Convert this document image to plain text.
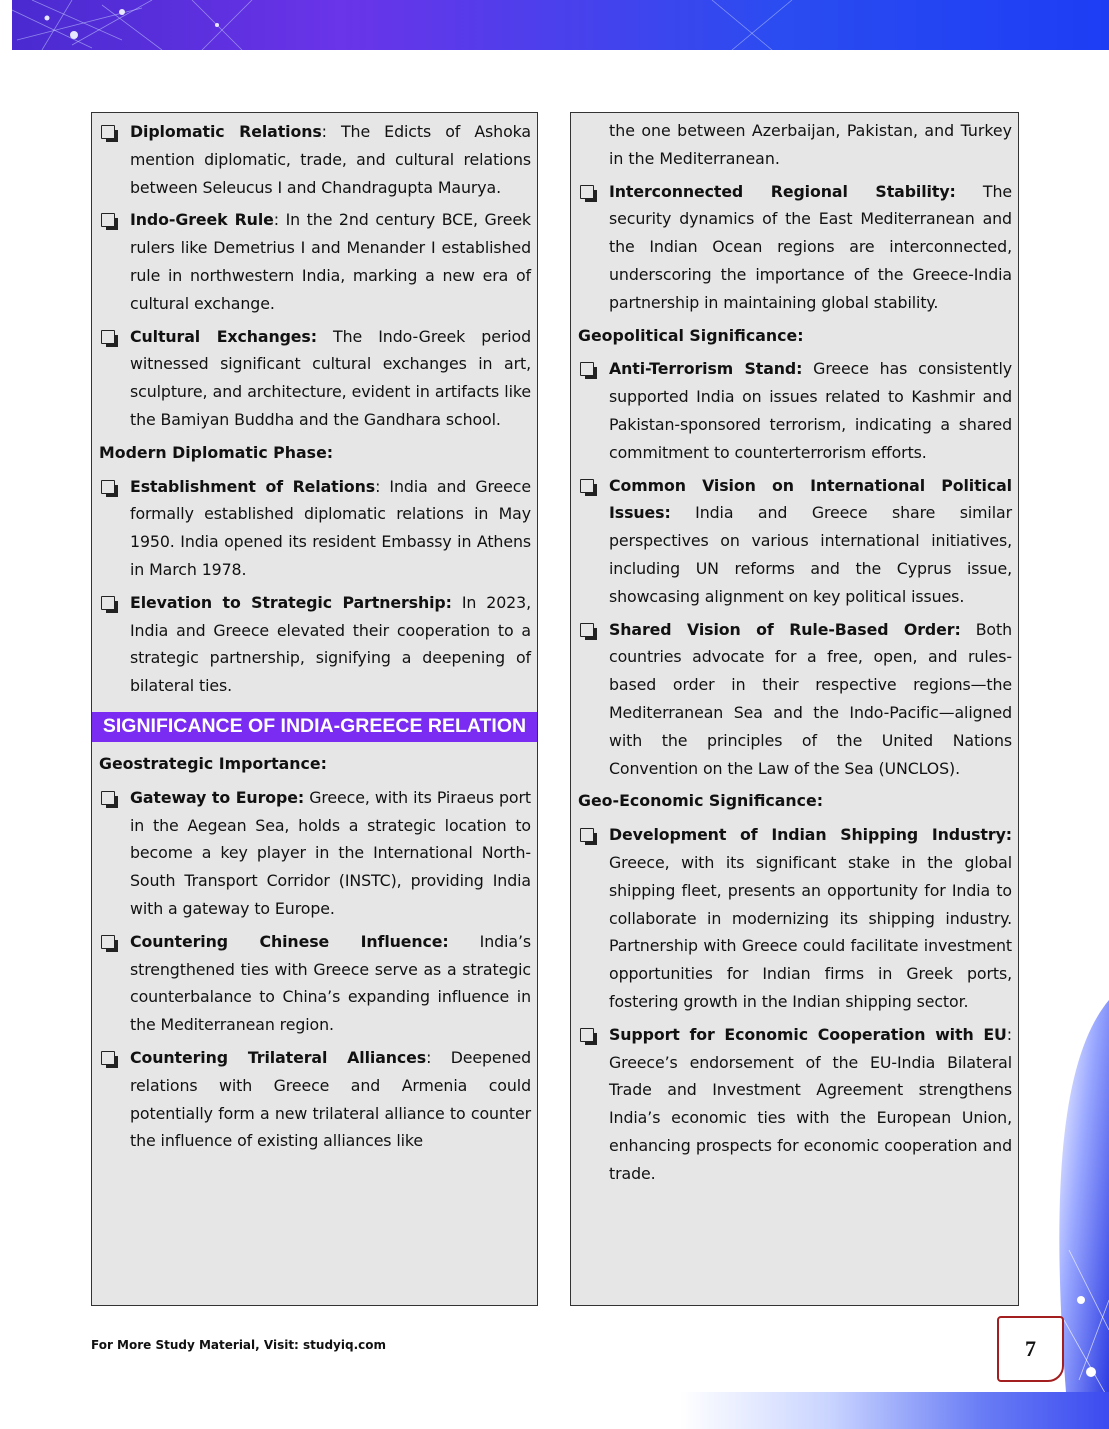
Diplomatic Relations: The Edicts of Ashoka mention diplomatic, trade, and cultural relations between Seleucus I and Chandragupta Maurya.
Indo-Greek Rule: In the 2nd century BCE, Greek rulers like Demetrius I and Menander I established rule in northwestern India, marking a new era of cultural exchange.
Cultural Exchanges: The Indo-Greek period witnessed significant cultural exchanges in art, sculpture, and architecture, evident in artifacts like the Bamiyan Buddha and the Gandhara school.
Modern Diplomatic Phase:
Establishment of Relations: India and Greece formally established diplomatic relations in May 1950. India opened its resident Embassy in Athens in March 1978.
Elevation to Strategic Partnership: In 2023, India and Greece elevated their cooperation to a strategic partnership, signifying a deepening of bilateral ties.
SIGNIFICANCE OF INDIA-GREECE RELATION
Geostrategic Importance:
Gateway to Europe: Greece, with its Piraeus port in the Aegean Sea, holds a strategic location to become a key player in the International North-South Transport Corridor (INSTC), providing India with a gateway to Europe.
Countering Chinese Influence: India’s strengthened ties with Greece serve as a strategic counterbalance to China’s expanding influence in the Mediterranean region.
Countering Trilateral Alliances: Deepened relations with Greece and Armenia could potentially form a new trilateral alliance to counter the influence of existing alliances like
the one between Azerbaijan, Pakistan, and Turkey in the Mediterranean.
Interconnected Regional Stability: The security dynamics of the East Mediterranean and the Indian Ocean regions are interconnected, underscoring the importance of the Greece-India partnership in maintaining global stability.
Geopolitical Significance:
Anti-Terrorism Stand: Greece has consistently supported India on issues related to Kashmir and Pakistan-sponsored terrorism, indicating a shared commitment to counterterrorism efforts.
Common Vision on International Political Issues: India and Greece share similar perspectives on various international initiatives, including UN reforms and the Cyprus issue, showcasing alignment on key political issues.
Shared Vision of Rule-Based Order: Both countries advocate for a free, open, and rules-based order in their respective regions—the Mediterranean Sea and the Indo-Pacific—aligned with the principles of the United Nations Convention on the Law of the Sea (UNCLOS).
Geo-Economic Significance:
Development of Indian Shipping Industry: Greece, with its significant stake in the global shipping fleet, presents an opportunity for India to collaborate in modernizing its shipping industry. Partnership with Greece could facilitate investment opportunities for Indian firms in Greek ports, fostering growth in the Indian shipping sector.
Support for Economic Cooperation with EU: Greece’s endorsement of the EU-India Bilateral Trade and Investment Agreement strengthens India’s economic ties with the European Union, enhancing prospects for economic cooperation and trade.
For More Study Material, Visit: studyiq.com	7
